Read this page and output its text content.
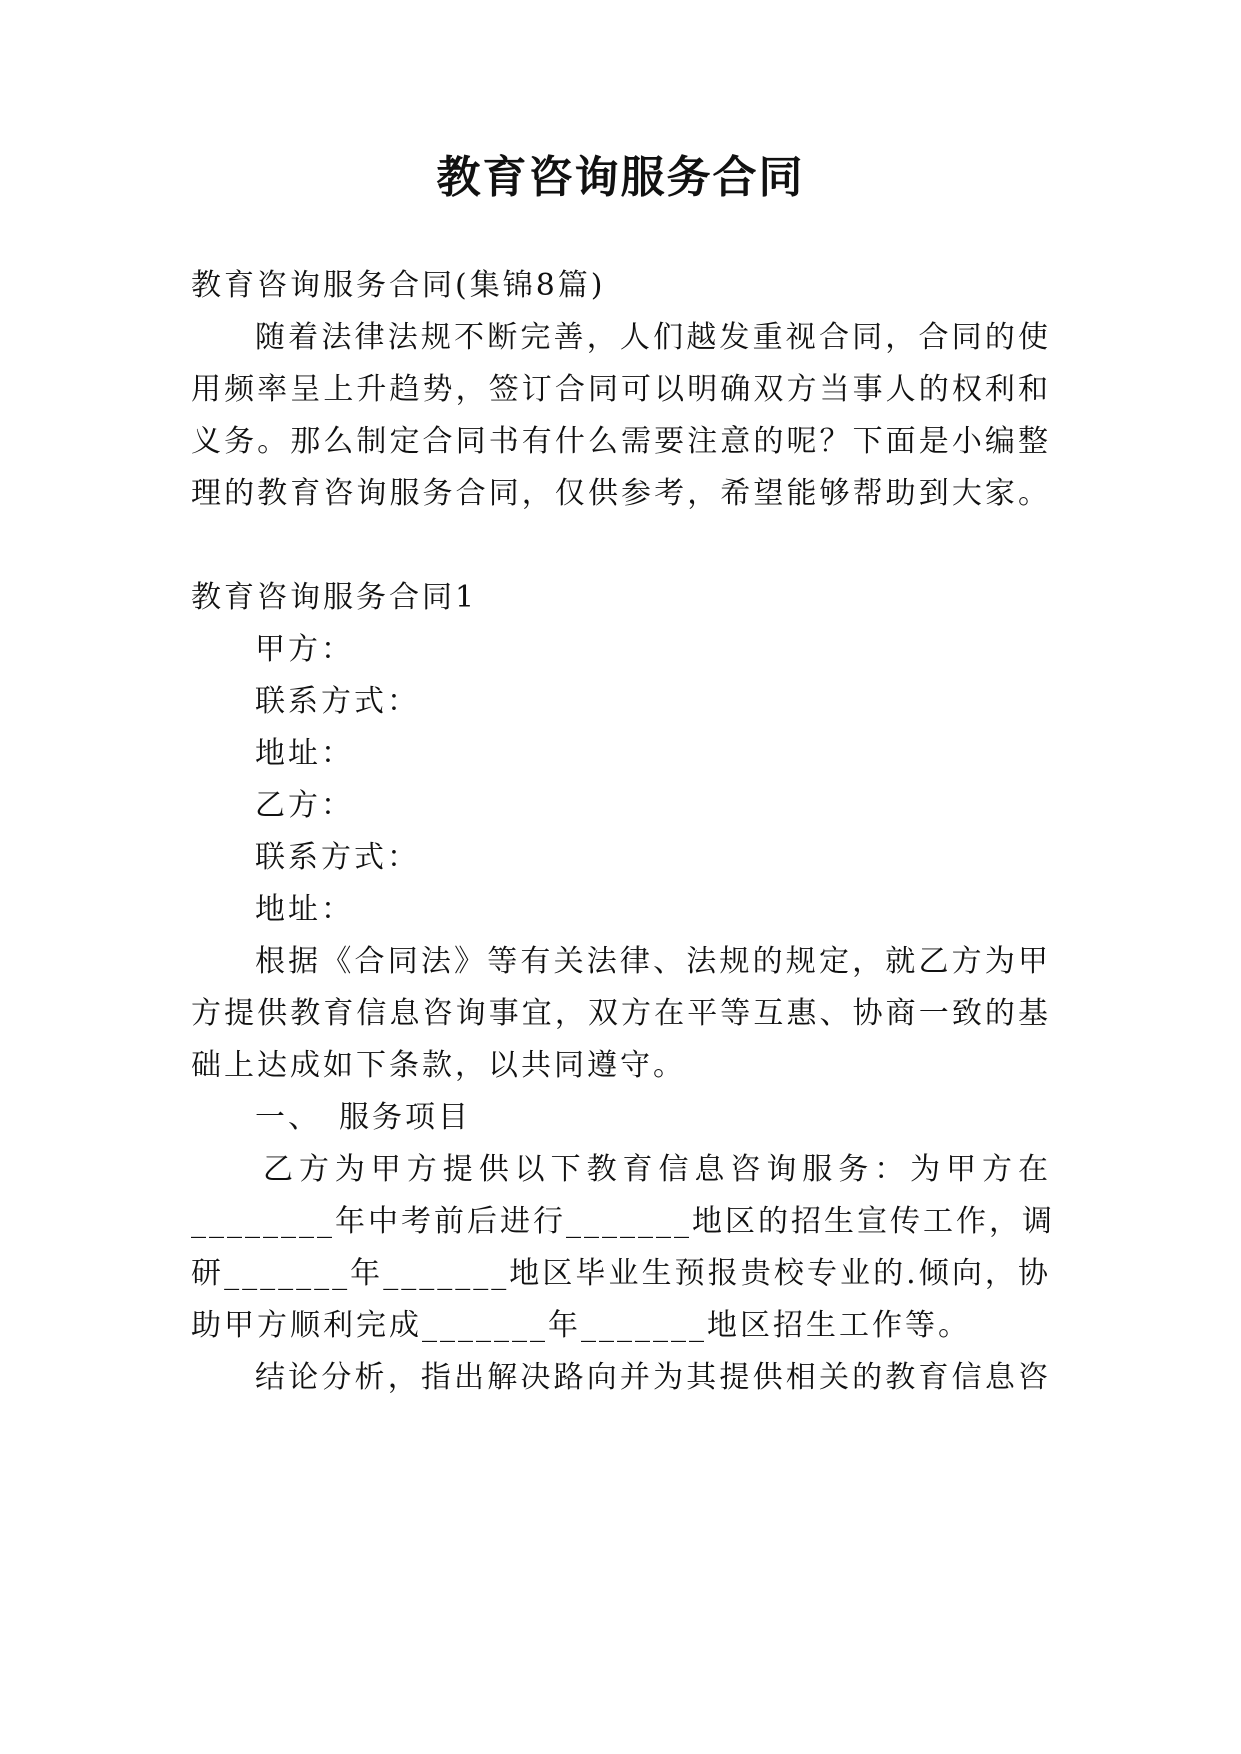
教育咨询服务合同
教育咨询服务合同(集锦8篇)
随着法律法规不断完善，人们越发重视合同，合同的使
用频率呈上升趋势，签订合同可以明确双方当事人的权利和
义务。那么制定合同书有什么需要注意的呢？下面是小编整
理的教育咨询服务合同，仅供参考，希望能够帮助到大家。
教育咨询服务合同1
甲方：
联系方式：
地址：
乙方：
联系方式：
地址：
根据《合同法》等有关法律、法规的规定，就乙方为甲
方提供教育信息咨询事宜，双方在平等互惠、协商一致的基
础上达成如下条款，以共同遵守。
一、　服务项目
乙方为甲方提供以下教育信息咨询服务：为甲方在
________年中考前后进行_______地区的招生宣传工作，调
研_______年_______地区毕业生预报贵校专业的.倾向，协
助甲方顺利完成_______年_______地区招生工作等。
结论分析，指出解决路向并为其提供相关的教育信息咨
